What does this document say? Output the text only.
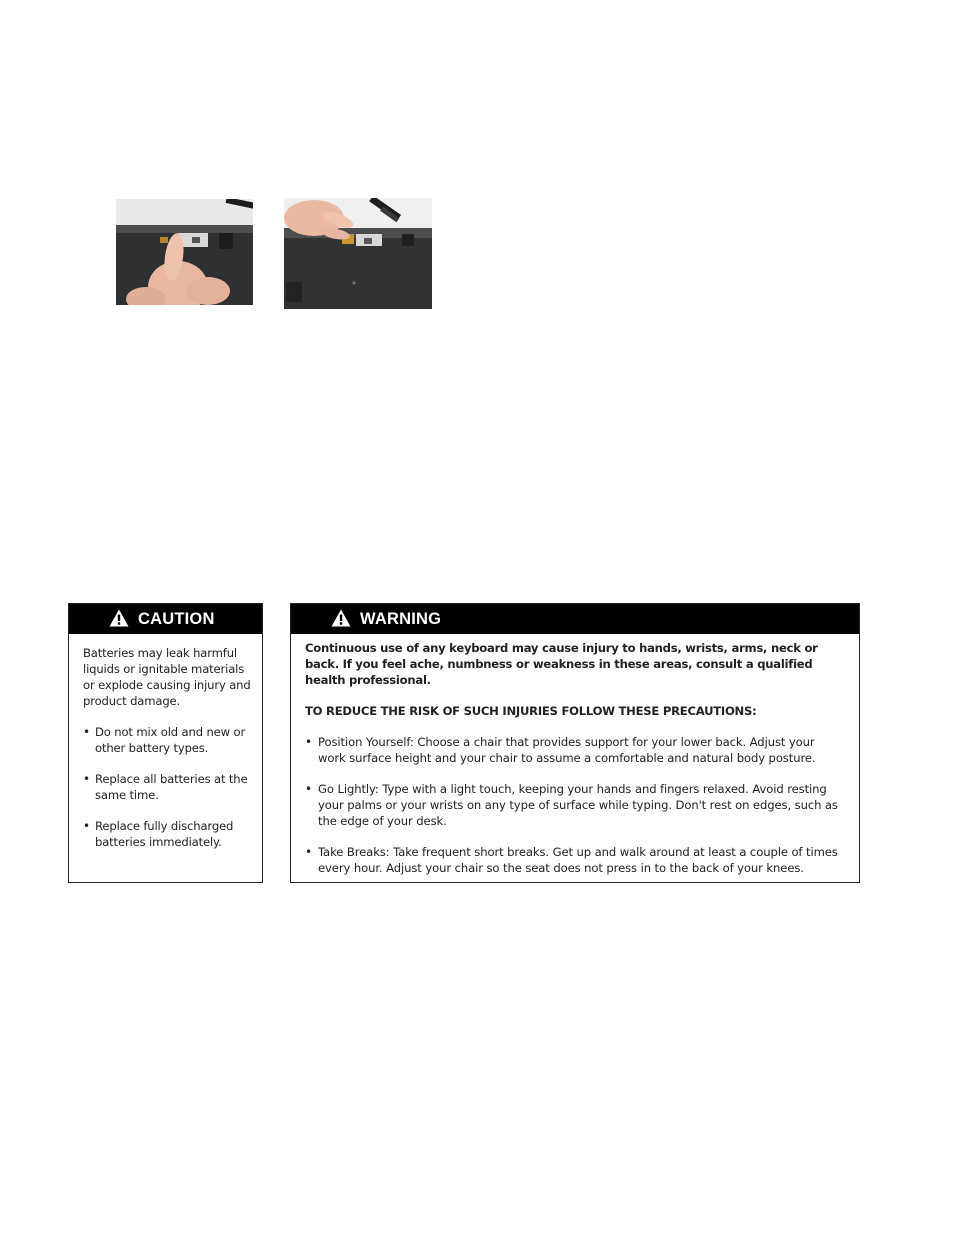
CAUTION

Batteries may leak harmful liquids or ignitable materials or explode causing injury and product damage.

• Do not mix old and new or other battery types.
• Replace all batteries at the same time.
• Replace fully discharged batteries immediately.
WARNING

Continuous use of any keyboard may cause injury to hands, wrists, arms, neck or back. If you feel ache, numbness or weakness in these areas, consult a qualified health professional.

TO REDUCE THE RISK OF SUCH INJURIES FOLLOW THESE PRECAUTIONS:

• Position Yourself: Choose a chair that provides support for your lower back. Adjust your work surface height and your chair to assume a comfortable and natural body posture.
• Go Lightly: Type with a light touch, keeping your hands and fingers relaxed. Avoid resting your palms or your wrists on any type of surface while typing. Don't rest on edges, such as the edge of your desk.
• Take Breaks: Take frequent short breaks. Get up and walk around at least a couple of times every hour. Adjust your chair so the seat does not press in to the back of your knees.
